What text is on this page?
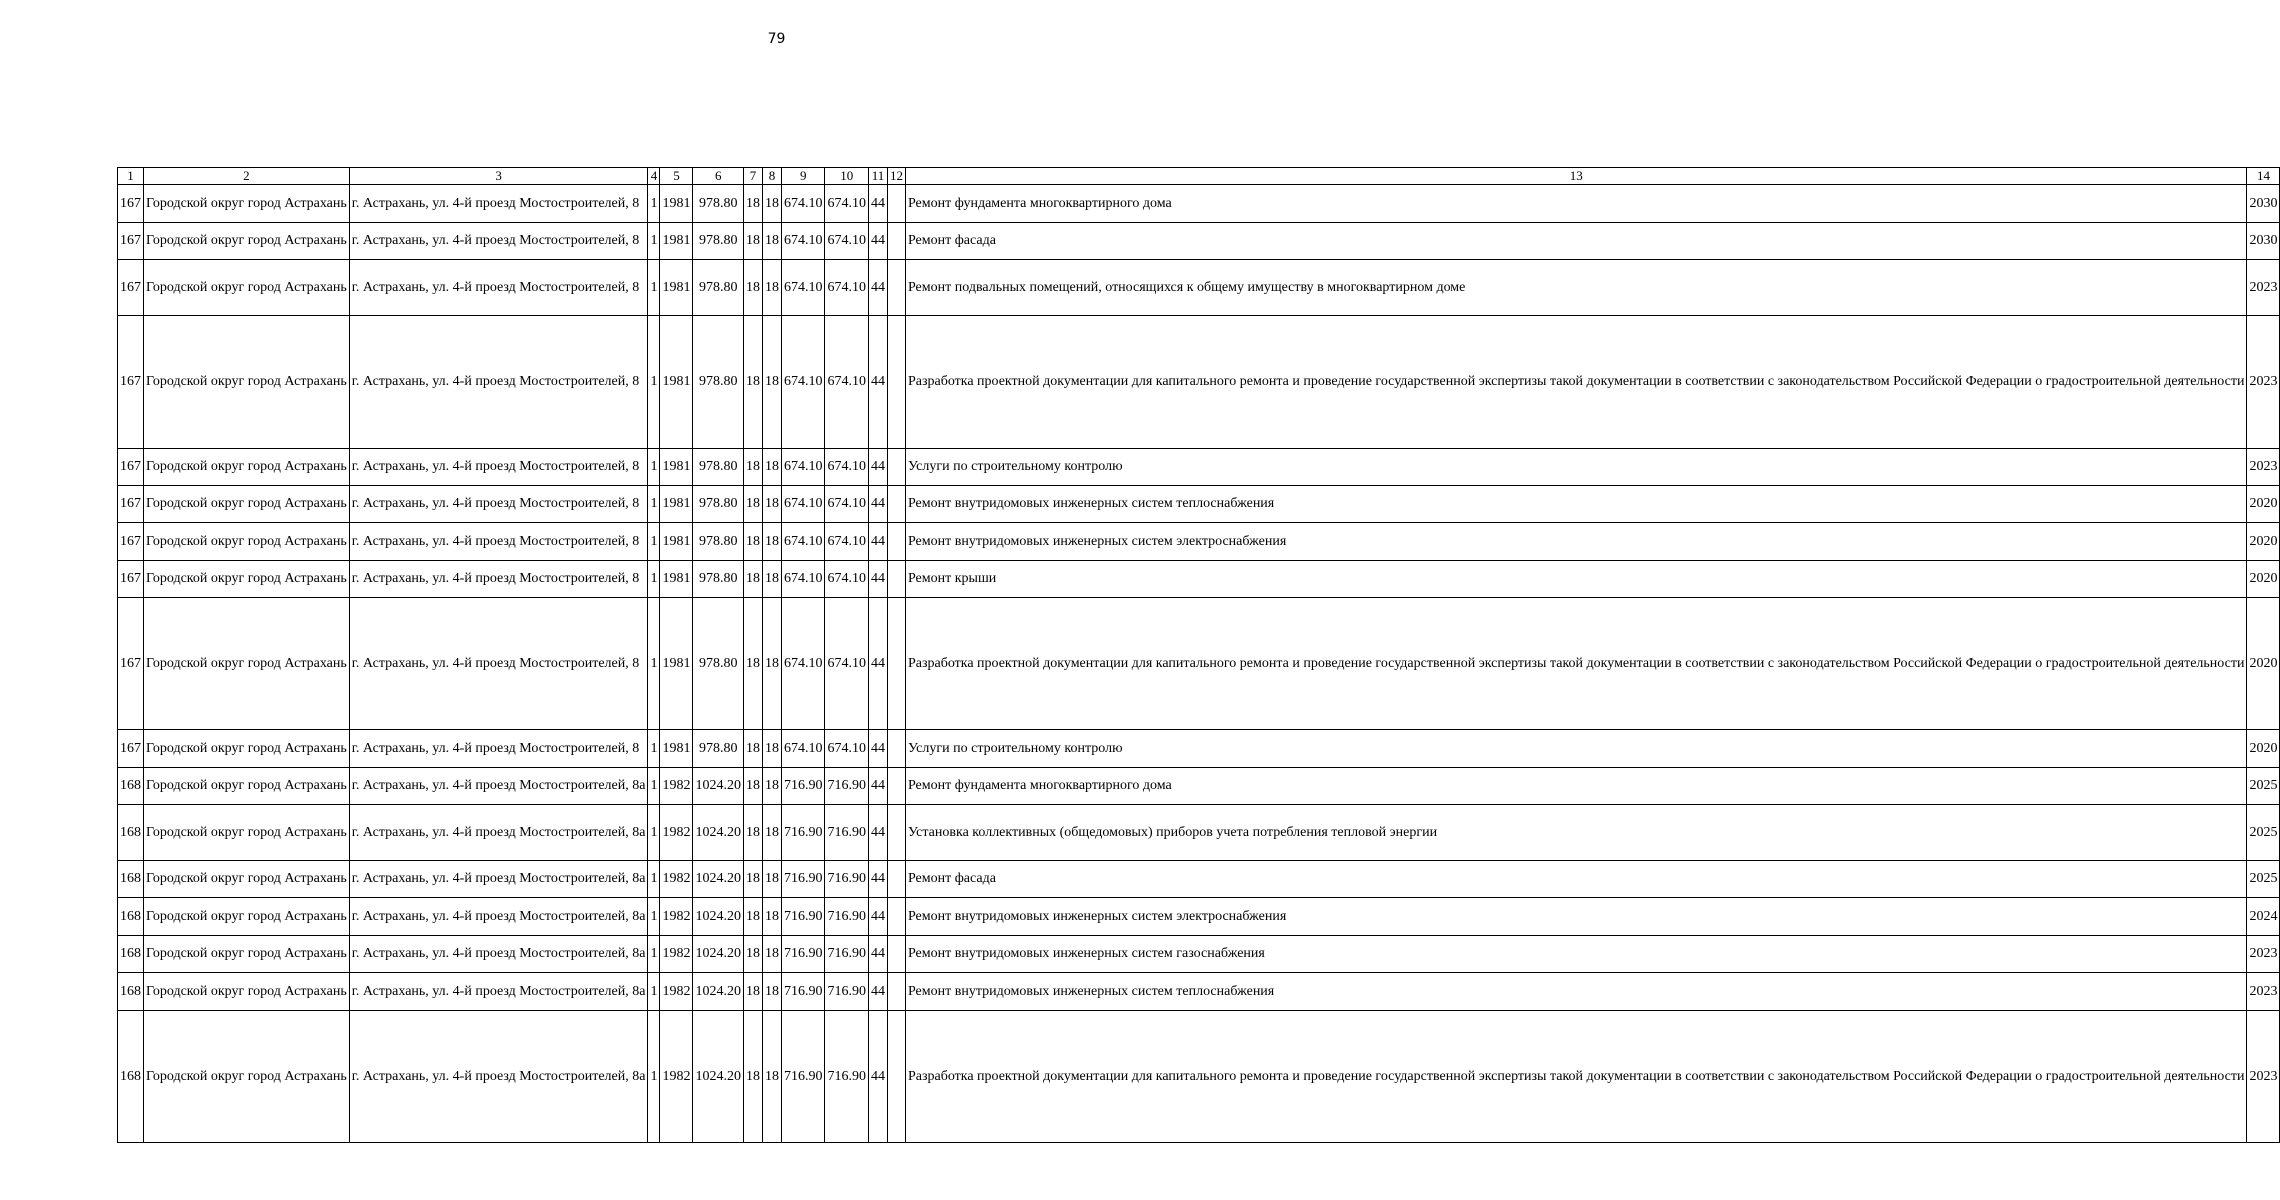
79
1	2	3	4	5	6	7	8	9	10	11	12	13	14
167	Городской округ город Астрахань	г. Астрахань, ул. 4-й проезд Мостостроителей, 8	1	1981	978.80	18	18	674.10	674.10	44		Ремонт фундамента многоквартирного дома	2030
167	Городской округ город Астрахань	г. Астрахань, ул. 4-й проезд Мостостроителей, 8	1	1981	978.80	18	18	674.10	674.10	44		Ремонт фасада	2030
167	Городской округ город Астрахань	г. Астрахань, ул. 4-й проезд Мостостроителей, 8	1	1981	978.80	18	18	674.10	674.10	44		Ремонт подвальных помещений, относящихся к общему имуществу в многоквартирном доме	2023
167	Городской округ город Астрахань	г. Астрахань, ул. 4-й проезд Мостостроителей, 8	1	1981	978.80	18	18	674.10	674.10	44		Разработка проектной документации для капитального ремонта и проведение государственной экспертизы такой документации в соответствии с законодательством Российской Федерации о градостроительной деятельности	2023
167	Городской округ город Астрахань	г. Астрахань, ул. 4-й проезд Мостостроителей, 8	1	1981	978.80	18	18	674.10	674.10	44		Услуги по строительному контролю	2023
167	Городской округ город Астрахань	г. Астрахань, ул. 4-й проезд Мостостроителей, 8	1	1981	978.80	18	18	674.10	674.10	44		Ремонт внутридомовых инженерных систем теплоснабжения	2020
167	Городской округ город Астрахань	г. Астрахань, ул. 4-й проезд Мостостроителей, 8	1	1981	978.80	18	18	674.10	674.10	44		Ремонт внутридомовых инженерных систем электроснабжения	2020
167	Городской округ город Астрахань	г. Астрахань, ул. 4-й проезд Мостостроителей, 8	1	1981	978.80	18	18	674.10	674.10	44		Ремонт крыши	2020
167	Городской округ город Астрахань	г. Астрахань, ул. 4-й проезд Мостостроителей, 8	1	1981	978.80	18	18	674.10	674.10	44		Разработка проектной документации для капитального ремонта и проведение государственной экспертизы такой документации в соответствии с законодательством Российской Федерации о градостроительной деятельности	2020
167	Городской округ город Астрахань	г. Астрахань, ул. 4-й проезд Мостостроителей, 8	1	1981	978.80	18	18	674.10	674.10	44		Услуги по строительному контролю	2020
168	Городской округ город Астрахань	г. Астрахань, ул. 4-й проезд Мостостроителей, 8а	1	1982	1024.20	18	18	716.90	716.90	44		Ремонт фундамента многоквартирного дома	2025
168	Городской округ город Астрахань	г. Астрахань, ул. 4-й проезд Мостостроителей, 8а	1	1982	1024.20	18	18	716.90	716.90	44		Установка коллективных (общедомовых) приборов учета потребления тепловой энергии	2025
168	Городской округ город Астрахань	г. Астрахань, ул. 4-й проезд Мостостроителей, 8а	1	1982	1024.20	18	18	716.90	716.90	44		Ремонт фасада	2025
168	Городской округ город Астрахань	г. Астрахань, ул. 4-й проезд Мостостроителей, 8а	1	1982	1024.20	18	18	716.90	716.90	44		Ремонт внутридомовых инженерных систем электроснабжения	2024
168	Городской округ город Астрахань	г. Астрахань, ул. 4-й проезд Мостостроителей, 8а	1	1982	1024.20	18	18	716.90	716.90	44		Ремонт внутридомовых инженерных систем газоснабжения	2023
168	Городской округ город Астрахань	г. Астрахань, ул. 4-й проезд Мостостроителей, 8а	1	1982	1024.20	18	18	716.90	716.90	44		Ремонт внутридомовых инженерных систем теплоснабжения	2023
168	Городской округ город Астрахань	г. Астрахань, ул. 4-й проезд Мостостроителей, 8а	1	1982	1024.20	18	18	716.90	716.90	44		Разработка проектной документации для капитального ремонта и проведение государственной экспертизы такой документации в соответствии с законодательством Российской Федерации о градостроительной деятельности	2023
